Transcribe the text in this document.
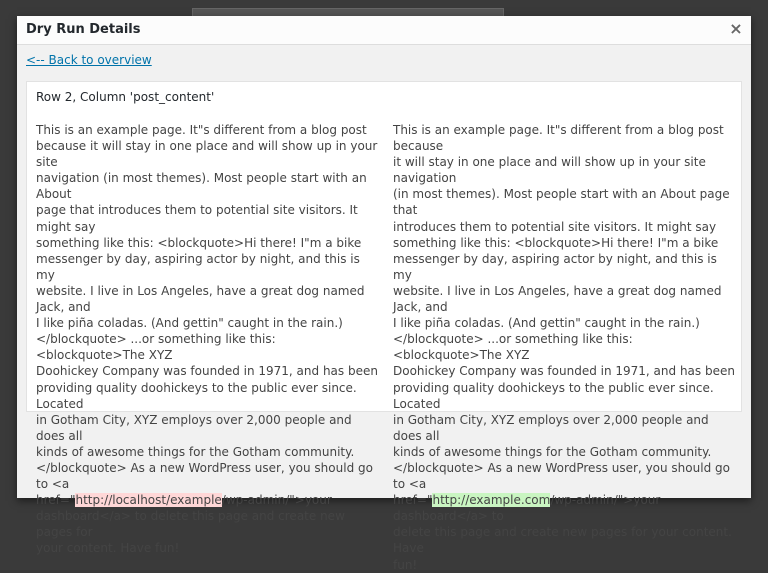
Dry Run Details	×
<-- Back to overview
Row 2, Column 'post_content'
This is an example page. It"s different from a blog post
because it will stay in one place and will show up in your site
navigation (in most themes). Most people start with an About
page that introduces them to potential site visitors. It might say
something like this: <blockquote>Hi there! I"m a bike
messenger by day, aspiring actor by night, and this is my
website. I live in Los Angeles, have a great dog named Jack, and
I like piña coladas. (And gettin" caught in the rain.)
</blockquote> ...or something like this: <blockquote>The XYZ
Doohickey Company was founded in 1971, and has been
providing quality doohickeys to the public ever since. Located
in Gotham City, XYZ employs over 2,000 people and does all
kinds of awesome things for the Gotham community.
</blockquote> As a new WordPress user, you should go to <a
href="http://localhost/example/wp-admin/">your
dashboard</a> to delete this page and create new pages for
your content. Have fun!
This is an example page. It"s different from a blog post because
it will stay in one place and will show up in your site navigation
(in most themes). Most people start with an About page that
introduces them to potential site visitors. It might say
something like this: <blockquote>Hi there! I"m a bike
messenger by day, aspiring actor by night, and this is my
website. I live in Los Angeles, have a great dog named Jack, and
I like piña coladas. (And gettin" caught in the rain.)
</blockquote> ...or something like this: <blockquote>The XYZ
Doohickey Company was founded in 1971, and has been
providing quality doohickeys to the public ever since. Located
in Gotham City, XYZ employs over 2,000 people and does all
kinds of awesome things for the Gotham community.
</blockquote> As a new WordPress user, you should go to <a
href="http://example.com/wp-admin/">your dashboard</a> to
delete this page and create new pages for your content. Have
fun!
